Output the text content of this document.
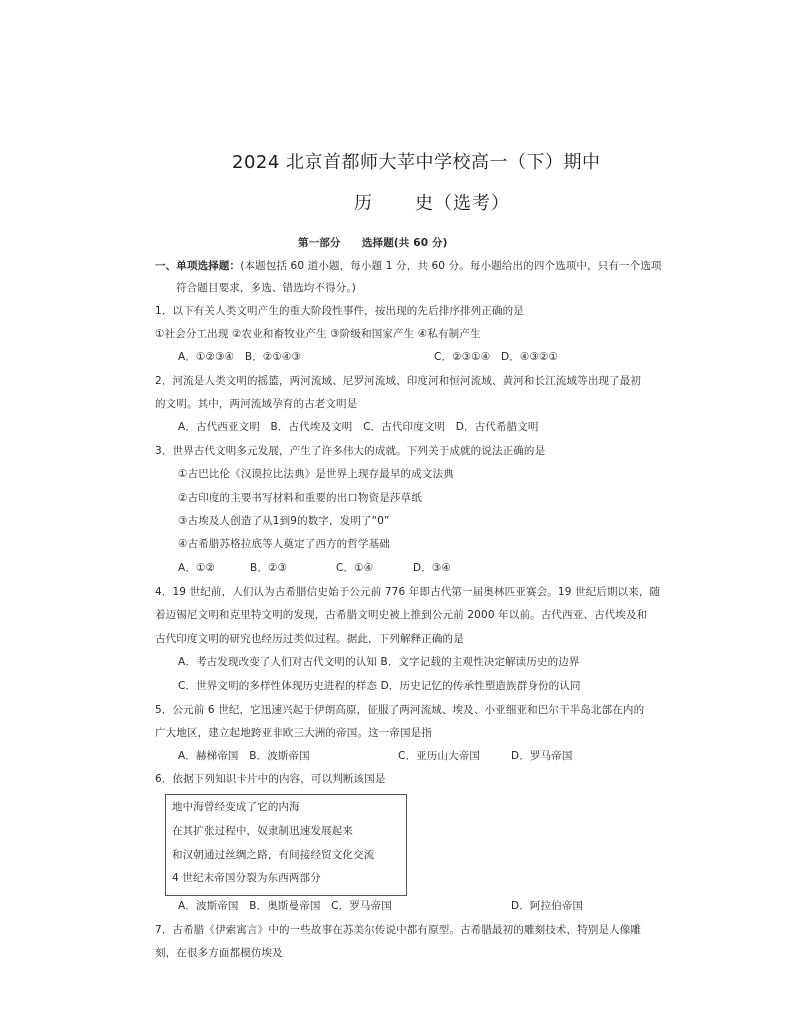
2024 北京首都师大苹中学校高一（下）期中
历 史（选考）
第一部分　　选择题(共 60 分)
一、单项选择题：(本题包括 60 道小题，每小题 1 分，共 60 分。每小题给出的四个选项中，只有一个选项
符合题目要求，多选、错选均不得分。)
1．以下有关人类文明产生的重大阶段性事件，按出现的先后排序排列正确的是
①社会分工出现 ②农业和畜牧业产生 ③阶级和国家产生 ④私有制产生
A．①②③④　B．②①④③	C．②③①④　D．④③②①
2．河流是人类文明的摇篮，两河流域、尼罗河流域、印度河和恒河流域、黄河和长江流域等出现了最初
的文明。其中，两河流域孕育的古老文明是
A．古代西亚文明　B．古代埃及文明　C．古代印度文明　D．古代希腊文明
3．世界古代文明多元发展，产生了许多伟大的成就。下列关于成就的说法正确的是
①古巴比伦《汉谟拉比法典》是世界上现存最早的成文法典
②古印度的主要书写材料和重要的出口物资是莎草纸
③古埃及人创造了从1到9的数字，发明了“0”
④古希腊苏格拉底等人奠定了西方的哲学基础
A．①②	B．②③	C．①④	D．③④
4．19 世纪前，人们认为古希腊信史始于公元前 776 年即古代第一届奥林匹亚赛会。19 世纪后期以来，随
着迈锡尼文明和克里特文明的发现，古希腊文明史被上推到公元前 2000 年以前。古代西亚、古代埃及和
古代印度文明的研究也经历过类似过程。据此，下列解释正确的是
A．考古发现改变了人们对古代文明的认知 B．文字记载的主观性决定解读历史的边界
C．世界文明的多样性体现历史进程的样态 D．历史记忆的传承性塑造族群身份的认同
5．公元前 6 世纪，它迅速兴起于伊朗高原，征服了两河流域、埃及、小亚细亚和巴尔干半岛北部在内的
广大地区，建立起地跨亚非欧三大洲的帝国。这一帝国是指
A．赫梯帝国　B．波斯帝国	C．亚历山大帝国	D．罗马帝国
6．依据下列知识卡片中的内容，可以判断该国是
地中海曾经变成了它的内海
在其扩张过程中，奴隶制迅速发展起来
和汉朝通过丝绸之路，有间接经贸文化交流
4 世纪末帝国分裂为东西两部分
A．波斯帝国　B．奥斯曼帝国　C．罗马帝国	D．阿拉伯帝国
7．古希腊《伊索寓言》中的一些故事在苏美尔传说中都有原型。古希腊最初的雕刻技术，特别是人像雕
刻，在很多方面都模仿埃及
